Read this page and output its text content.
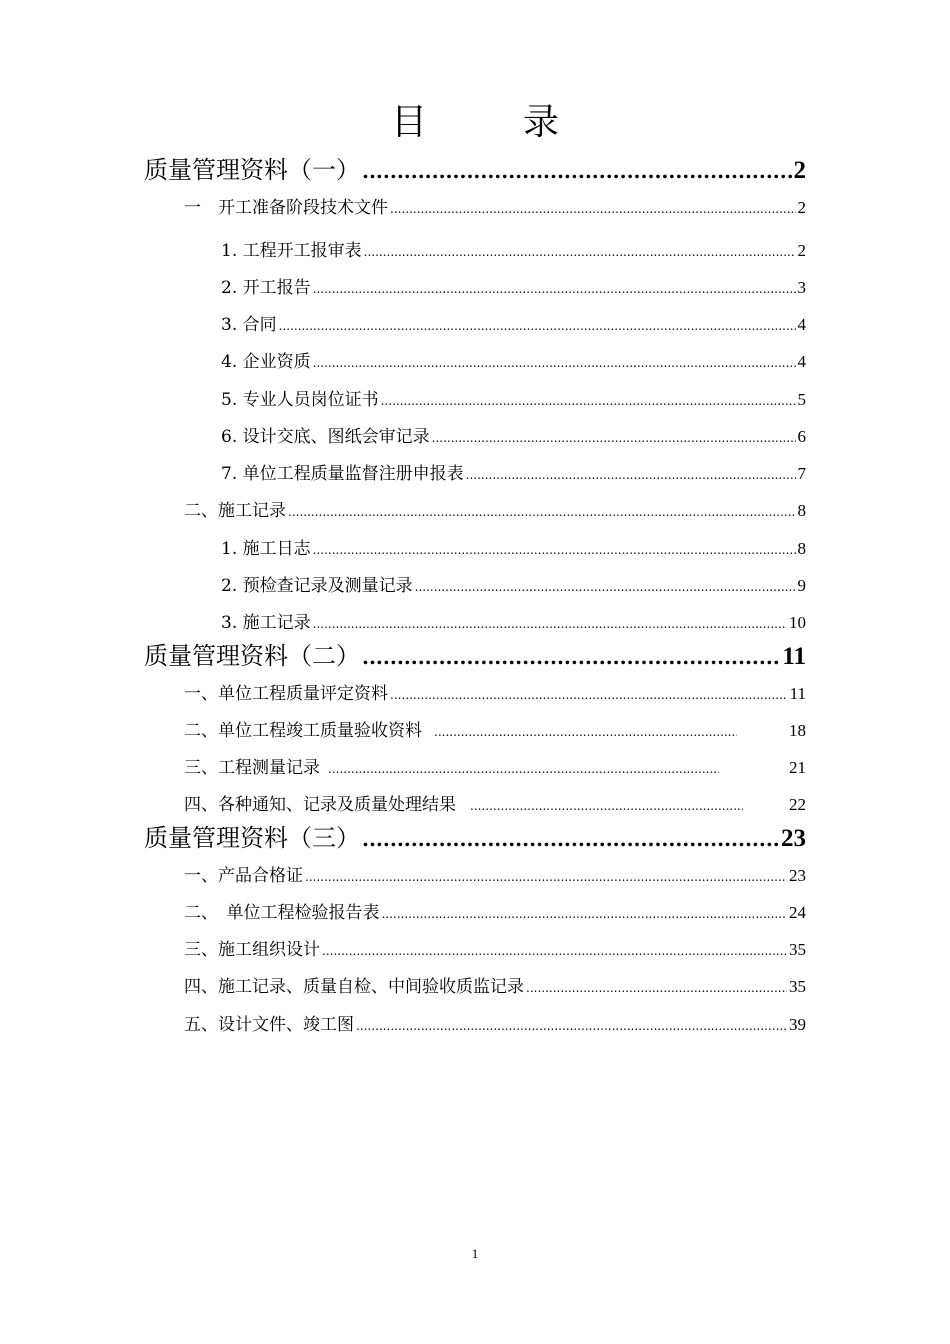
目　录
质量管理资料（一） .....	2
一　开工准备阶段技术文件 .....	2
1. 工程开工报审表 .....	2
2. 开工报告 .....	3
3. 合同 .....	4
4. 企业资质 .....	4
5. 专业人员岗位证书 .....	5
6. 设计交底、图纸会审记录 .....	6
7. 单位工程质量监督注册申报表 .....	7
二、施工记录 .....	8
1. 施工日志 .....	8
2. 预检查记录及测量记录 .....	9
3. 施工记录 .....	10
质量管理资料（二） .....	11
一、单位工程质量评定资料 .....	11
二、单位工程竣工质量验收资料 .....	18
三、工程测量记录 .....	21
四、各种通知、记录及质量处理结果 .....	22
质量管理资料（三） .....	23
一、产品合格证 .....	23
二、　单位工程检验报告表 .....	24
三、施工组织设计 .....	35
四、施工记录、质量自检、中间验收质监记录 .....	35
五、设计文件、竣工图 .....	39
1
